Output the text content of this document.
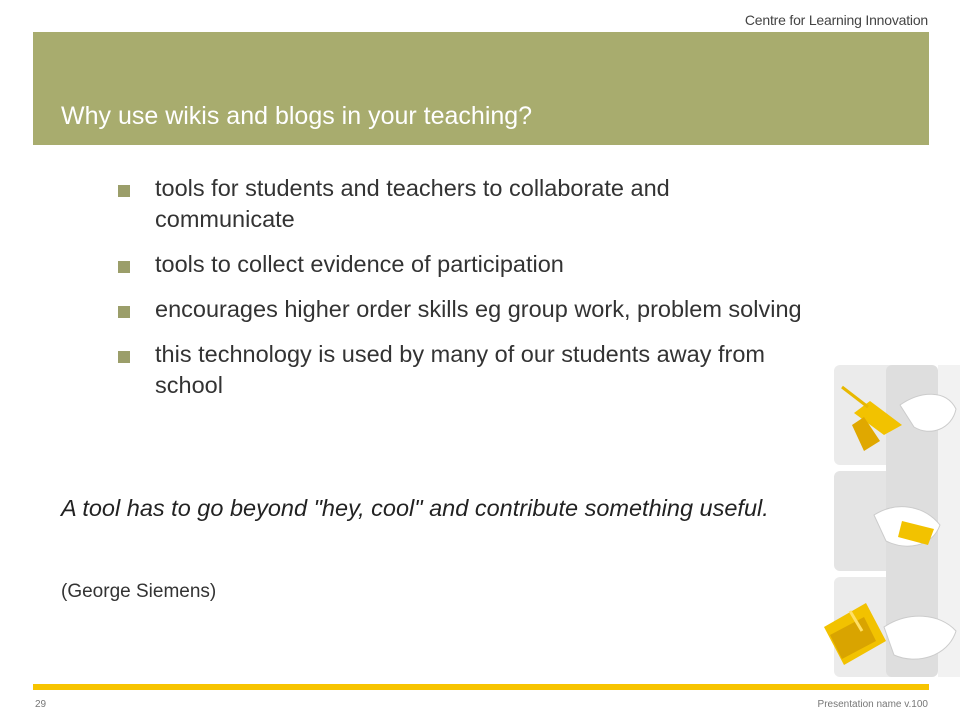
Centre for Learning Innovation
Why use wikis and blogs in your teaching?
tools for students and teachers to collaborate and communicate
tools to collect evidence of participation
encourages higher order skills eg group work, problem solving
this technology is used by many of our students away from school
A tool has to go beyond "hey, cool" and contribute something useful.
(George Siemens)
29	Presentation name v.100
